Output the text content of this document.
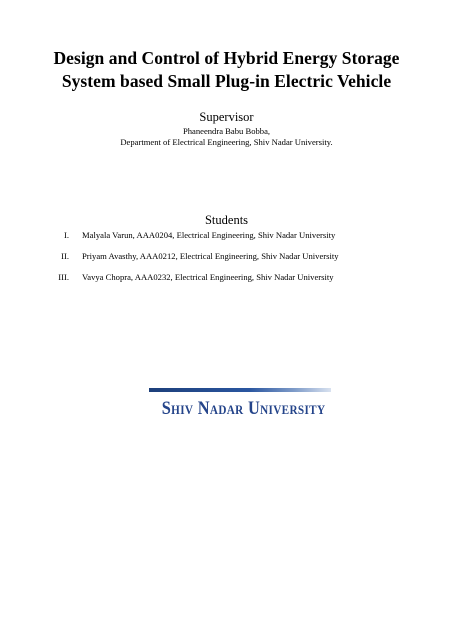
Design and Control of Hybrid Energy Storage
System based Small Plug-in Electric Vehicle
Supervisor
Phaneendra Babu Bobba,
Department of Electrical Engineering, Shiv Nadar University.
Students
I. Malyala Varun, AAA0204, Electrical Engineering, Shiv Nadar University
II. Priyam Avasthy, AAA0212, Electrical Engineering, Shiv Nadar University
III. Vavya Chopra, AAA0232, Electrical Engineering, Shiv Nadar University
Shiv Nadar University
